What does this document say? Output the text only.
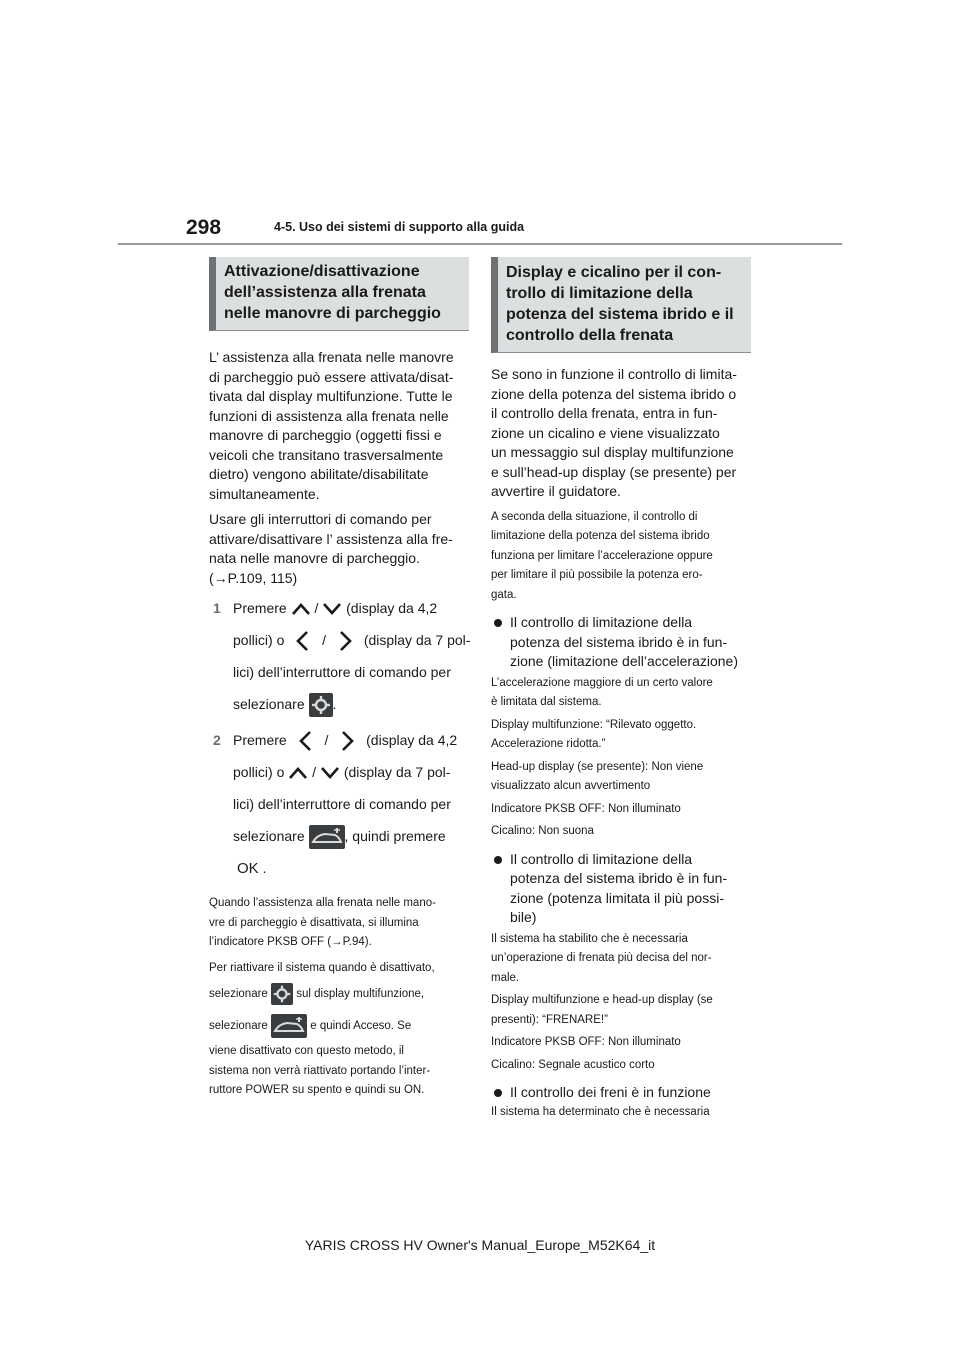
298	4-5. Uso dei sistemi di supporto alla guida
Attivazione/disattivazione
dell’assistenza alla frenata
nelle manovre di parcheggio
L’ assistenza alla frenata nelle manovre
di parcheggio può essere attivata/disat-
tivata dal display multifunzione. Tutte le
funzioni di assistenza alla frenata nelle
manovre di parcheggio (oggetti fissi e
veicoli che transitano trasversalmente
dietro) vengono abilitate/disabilitate
simultaneamente.
Usare gli interruttori di comando per
attivare/disattivare l’ assistenza alla fre-
nata nelle manovre di parcheggio.
(→P.109, 115)
1 Premere / (display da 4,2
pollici) o	/	(display da 7 pol-
lici) dell’interruttore di comando per
selezionare .
2 Premere	/	(display da 4,2
pollici) o / (display da 7 pol-
lici) dell’interruttore di comando per
selezionare	, quindi premere
OK .
Quando l’assistenza alla frenata nelle mano-
vre di parcheggio è disattivata, si illumina
l’indicatore PKSB OFF (→P.94).
Per riattivare il sistema quando è disattivato,
selezionare sul display multifunzione,
selezionare	e quindi Acceso. Se
viene disattivato con questo metodo, il
sistema non verrà riattivato portando l’inter-
ruttore POWER su spento e quindi su ON.
Display e cicalino per il con-
trollo di limitazione della
potenza del sistema ibrido e il
controllo della frenata
Se sono in funzione il controllo di limita-
zione della potenza del sistema ibrido o
il controllo della frenata, entra in fun-
zione un cicalino e viene visualizzato
un messaggio sul display multifunzione
e sull’head-up display (se presente) per
avvertire il guidatore.
A seconda della situazione, il controllo di
limitazione della potenza del sistema ibrido
funziona per limitare l’accelerazione oppure
per limitare il più possibile la potenza ero-
gata.
Il controllo di limitazione della
potenza del sistema ibrido è in fun-
zione (limitazione dell’accelerazione)
L’accelerazione maggiore di un certo valore
è limitata dal sistema.
Display multifunzione: “Rilevato oggetto.
Accelerazione ridotta.”
Head-up display (se presente): Non viene
visualizzato alcun avvertimento
Indicatore PKSB OFF: Non illuminato
Cicalino: Non suona
Il controllo di limitazione della
potenza del sistema ibrido è in fun-
zione (potenza limitata il più possi-
bile)
Il sistema ha stabilito che è necessaria
un’operazione di frenata più decisa del nor-
male.
Display multifunzione e head-up display (se
presenti): “FRENARE!”
Indicatore PKSB OFF: Non illuminato
Cicalino: Segnale acustico corto
Il controllo dei freni è in funzione
Il sistema ha determinato che è necessaria
YARIS CROSS HV Owner's Manual_Europe_M52K64_it
